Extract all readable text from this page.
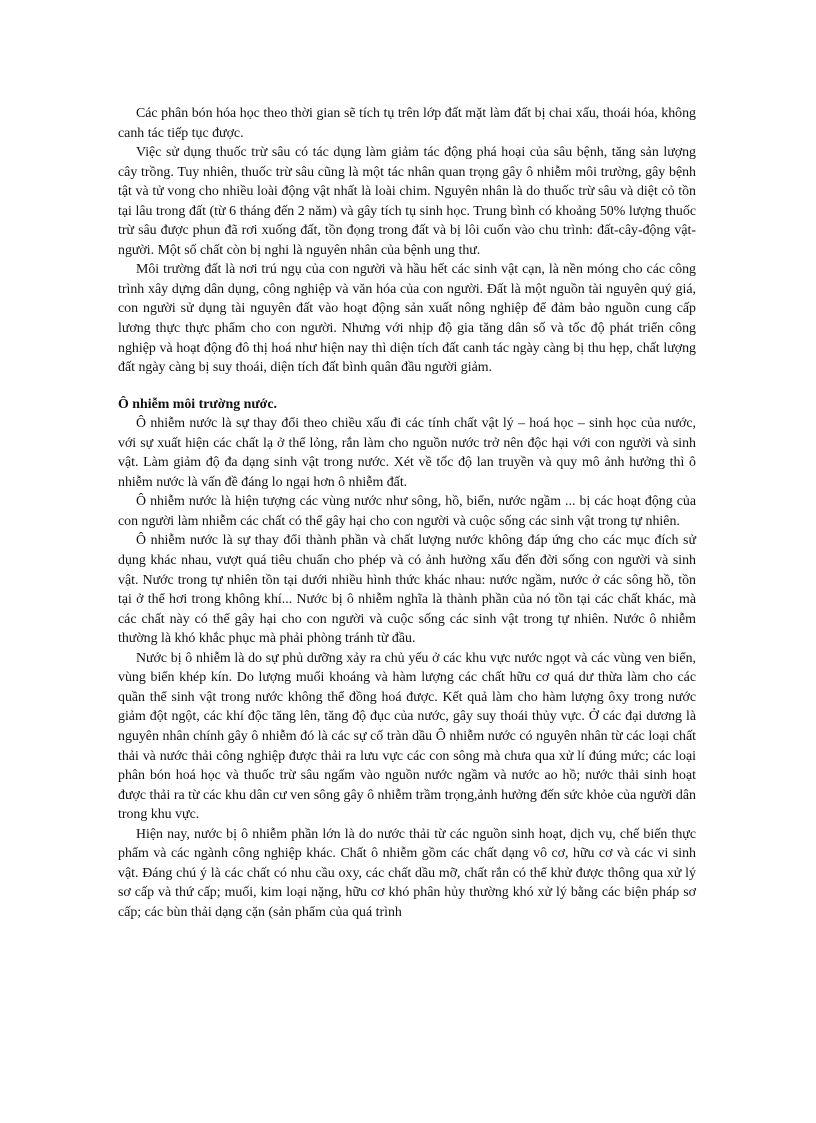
Các phân bón hóa học theo thời gian sẽ tích tụ trên lớp đất mặt làm đất bị chai xấu, thoái hóa, không canh tác tiếp tục được.

Việc sử dụng thuốc trừ sâu có tác dụng làm giảm tác động phá hoại của sâu bệnh, tăng sản lượng cây trồng. Tuy nhiên, thuốc trừ sâu cũng là một tác nhân quan trọng gây ô nhiễm môi trường, gây bệnh tật và tử vong cho nhiều loài động vật nhất là loài chim. Nguyên nhân là do thuốc trừ sâu và diệt cỏ tồn tại lâu trong đất (từ 6 tháng đến 2 năm) và gây tích tụ sinh học. Trung bình có khoảng 50% lượng thuốc trừ sâu được phun đã rơi xuống đất, tồn đọng trong đất và bị lôi cuốn vào chu trình: đất-cây-động vật-người. Một số chất còn bị nghi là nguyên nhân của bệnh ung thư.

Môi trường đất là nơi trú ngụ của con người và hầu hết các sinh vật cạn, là nền móng cho các công trình xây dựng dân dụng, công nghiệp và văn hóa của con người. Đất là một nguồn tài nguyên quý giá, con người sử dụng tài nguyên đất vào hoạt động sản xuất nông nghiệp để đảm bảo nguồn cung cấp lương thực thực phẩm cho con người. Nhưng với nhịp độ gia tăng dân số và tốc độ phát triển công nghiệp và hoạt động đô thị hoá như hiện nay thì diện tích đất canh tác ngày càng bị thu hẹp, chất lượng đất ngày càng bị suy thoái, diện tích đất bình quân đầu người giảm.

Ô nhiễm môi trường nước.

Ô nhiễm nước là sự thay đổi theo chiều xấu đi các tính chất vật lý – hoá học – sinh học của nước, với sự xuất hiện các chất lạ ở thể lỏng, rắn làm cho nguồn nước trở nên độc hại với con người và sinh vật. Làm giảm độ đa dạng sinh vật trong nước. Xét về tốc độ lan truyền và quy mô ảnh hưởng thì ô nhiễm nước là vấn đề đáng lo ngại hơn ô nhiễm đất.

Ô nhiễm nước là hiện tượng các vùng nước như sông, hồ, biển, nước ngầm ... bị các hoạt động của con người làm nhiễm các chất có thể gây hại cho con người và cuộc sống các sinh vật trong tự nhiên.

Ô nhiễm nước là sự thay đổi thành phần và chất lượng nước không đáp ứng cho các mục đích sử dụng khác nhau, vượt quá tiêu chuẩn cho phép và có ảnh hưởng xấu đến đời sống con người và sinh vật. Nước trong tự nhiên tồn tại dưới nhiều hình thức khác nhau: nước ngầm, nước ở các sông hồ, tồn tại ở thể hơi trong không khí... Nước bị ô nhiễm nghĩa là thành phần của nó tồn tại các chất khác, mà các chất này có thể gây hại cho con người và cuộc sống các sinh vật trong tự nhiên. Nước ô nhiễm thường là khó khắc phục mà phải phòng tránh từ đầu.

Nước bị ô nhiễm là do sự phủ dưỡng xảy ra chủ yếu ở các khu vực nước ngọt và các vùng ven biển, vùng biển khép kín. Do lượng muối khoáng và hàm lượng các chất hữu cơ quá dư thừa làm cho các quần thể sinh vật trong nước không thể đồng hoá được. Kết quả làm cho hàm lượng ôxy trong nước giảm đột ngột, các khí độc tăng lên, tăng độ đục của nước, gây suy thoái thủy vực. Ở các đại dương là nguyên nhân chính gây ô nhiễm đó là các sự cố tràn dầu Ô nhiễm nước có nguyên nhân từ các loại chất thải và nước thải công nghiệp được thải ra lưu vực các con sông mà chưa qua xử lí đúng mức; các loại phân bón hoá học và thuốc trừ sâu ngấm vào nguồn nước ngầm và nước ao hồ; nước thải sinh hoạt được thải ra từ các khu dân cư ven sông gây ô nhiễm trầm trọng,ảnh hưởng đến sức khỏe của người dân trong khu vực.

Hiện nay, nước bị ô nhiễm phần lớn là do nước thải từ các nguồn sinh hoạt, dịch vụ, chế biến thực phẩm và các ngành công nghiệp khác. Chất ô nhiễm gồm các chất dạng vô cơ, hữu cơ và các vi sinh vật. Đáng chú ý là các chất có nhu cầu oxy, các chất dầu mỡ, chất rắn có thể khử được thông qua xử lý sơ cấp và thứ cấp; muối, kim loại nặng, hữu cơ khó phân hủy thường khó xử lý bằng các biện pháp sơ cấp; các bùn thải dạng cặn (sản phẩm của quá trình
